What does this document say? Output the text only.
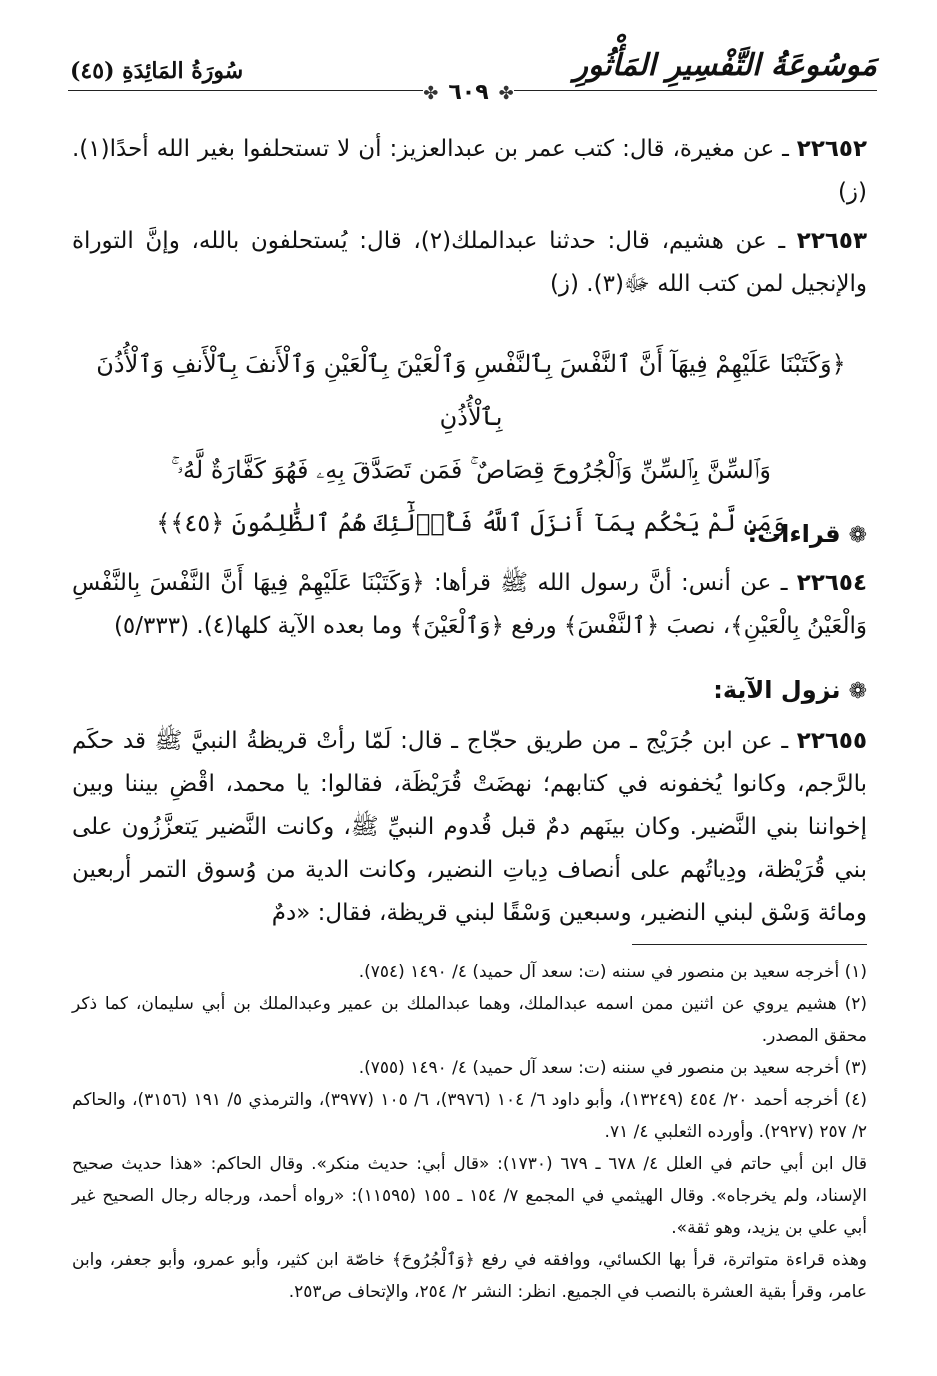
مَوسُوعَةُ التَّفْسِيرِ المَأْثُورِ
سُورَةُ المَائِدَةِ (٤٥)
✤ ٦٠٩ ✤

٢٢٦٥٢ ـ عن مغيرة، قال: كتب عمر بن عبدالعزيز: أن لا تستحلفوا بغير الله أحدًا(١). (ز)

٢٢٦٥٣ ـ عن هشيم، قال: حدثنا عبدالملك(٢)، قال: يُستحلفون بالله، وإنَّ التوراة والإنجيل لمن كتب الله ﷻ(٣). (ز)

﴿وَكَتَبْنَا عَلَيْهِمْ فِيهَآ أَنَّ ٱلنَّفْسَ بِٱلنَّفْسِ وَٱلْعَيْنَ بِٱلْعَيْنِ وَٱلْأَنفَ بِٱلْأَنفِ وَٱلْأُذُنَ بِٱلْأُذُنِ
وَٱلسِّنَّ بِٱلسِّنِّ وَٱلْجُرُوحَ قِصَاصٌ ۚ فَمَن تَصَدَّقَ بِهِۦ فَهُوَ كَفَّارَةٌ لَّهُۥ ۚ
وَمَن لَّمْ يَحْكُم بِمَآ أَنزَلَ ٱللَّهُ فَأُو۟لَٰٓئِكَ هُمُ ٱلظَّٰلِمُونَ ﴿٤٥﴾﴾	❁قراءات:

٢٢٦٥٤ ـ عن أنس: أنَّ رسول الله ﷺ قرأها: ﴿وَكَتَبْنَا عَلَيْهِمْ فِيهَا أَنَّ النَّفْسَ بِالنَّفْسِ وَالْعَيْنُ بِالْعَيْنِ﴾، نصبَ ﴿ٱلنَّفْسَ﴾ ورفع ﴿وَٱلْعَيْنَ﴾ وما بعده الآية كلها(٤). (٥/٣٣٣)

❁نزول الآية:

٢٢٦٥٥ ـ عن ابن جُرَيْج ـ من طريق حجّاج ـ قال: لَمّا رأتْ قريظةُ النبيَّ ﷺ قد حكَم بالرَّجم، وكانوا يُخفونه في كتابهم؛ نهضَتْ قُرَيْظَة، فقالوا: يا محمد، اقْضِ بيننا وبين إخواننا بني النَّضير. وكان بينَهم دمٌ قبل قُدوم النبيِّ ﷺ، وكانت النَّضير يَتعزَّزُون على بني قُرَيْظة، ودِياتُهم على أنصاف دِياتِ النضير، وكانت الدية من وُسوق التمر أربعين ومائة وَسْق لبني النضير، وسبعين وَسْقًا لبني قريظة، فقال: «دمٌ

(١) أخرجه سعيد بن منصور في سننه (ت: سعد آل حميد) ٤/ ١٤٩٠ (٧٥٤).

(٢) هشيم يروي عن اثنين ممن اسمه عبدالملك، وهما عبدالملك بن عمير وعبدالملك بن أبي سليمان، كما ذكر محقق المصدر.

(٣) أخرجه سعيد بن منصور في سننه (ت: سعد آل حميد) ٤/ ١٤٩٠ (٧٥٥).

(٤) أخرجه أحمد ٢٠/ ٤٥٤ (١٣٢٤٩)، وأبو داود ٦/ ١٠٤ (٣٩٧٦)، ٦/ ١٠٥ (٣٩٧٧)، والترمذي ٥/ ١٩١ (٣١٥٦)، والحاكم ٢/ ٢٥٧ (٢٩٢٧). وأورده الثعلبي ٤/ ٧١.

قال ابن أبي حاتم في العلل ٤/ ٦٧٨ ـ ٦٧٩ (١٧٣٠): «قال أبي: حديث منكر». وقال الحاكم: «هذا حديث صحيح الإسناد، ولم يخرجاه». وقال الهيثمي في المجمع ٧/ ١٥٤ ـ ١٥٥ (١١٥٩٥): «رواه أحمد، ورجاله رجال الصحيح غير أبي علي بن يزيد، وهو ثقة».

وهذه قراءة متواترة، قرأ بها الكسائي، ووافقه في رفع ﴿وَٱلْجُرُوحَ﴾ خاصّة ابن كثير، وأبو عمرو، وأبو جعفر، وابن عامر، وقرأ بقية العشرة بالنصب في الجميع. انظر: النشر ٢/ ٢٥٤، والإتحاف ص٢٥٣.
